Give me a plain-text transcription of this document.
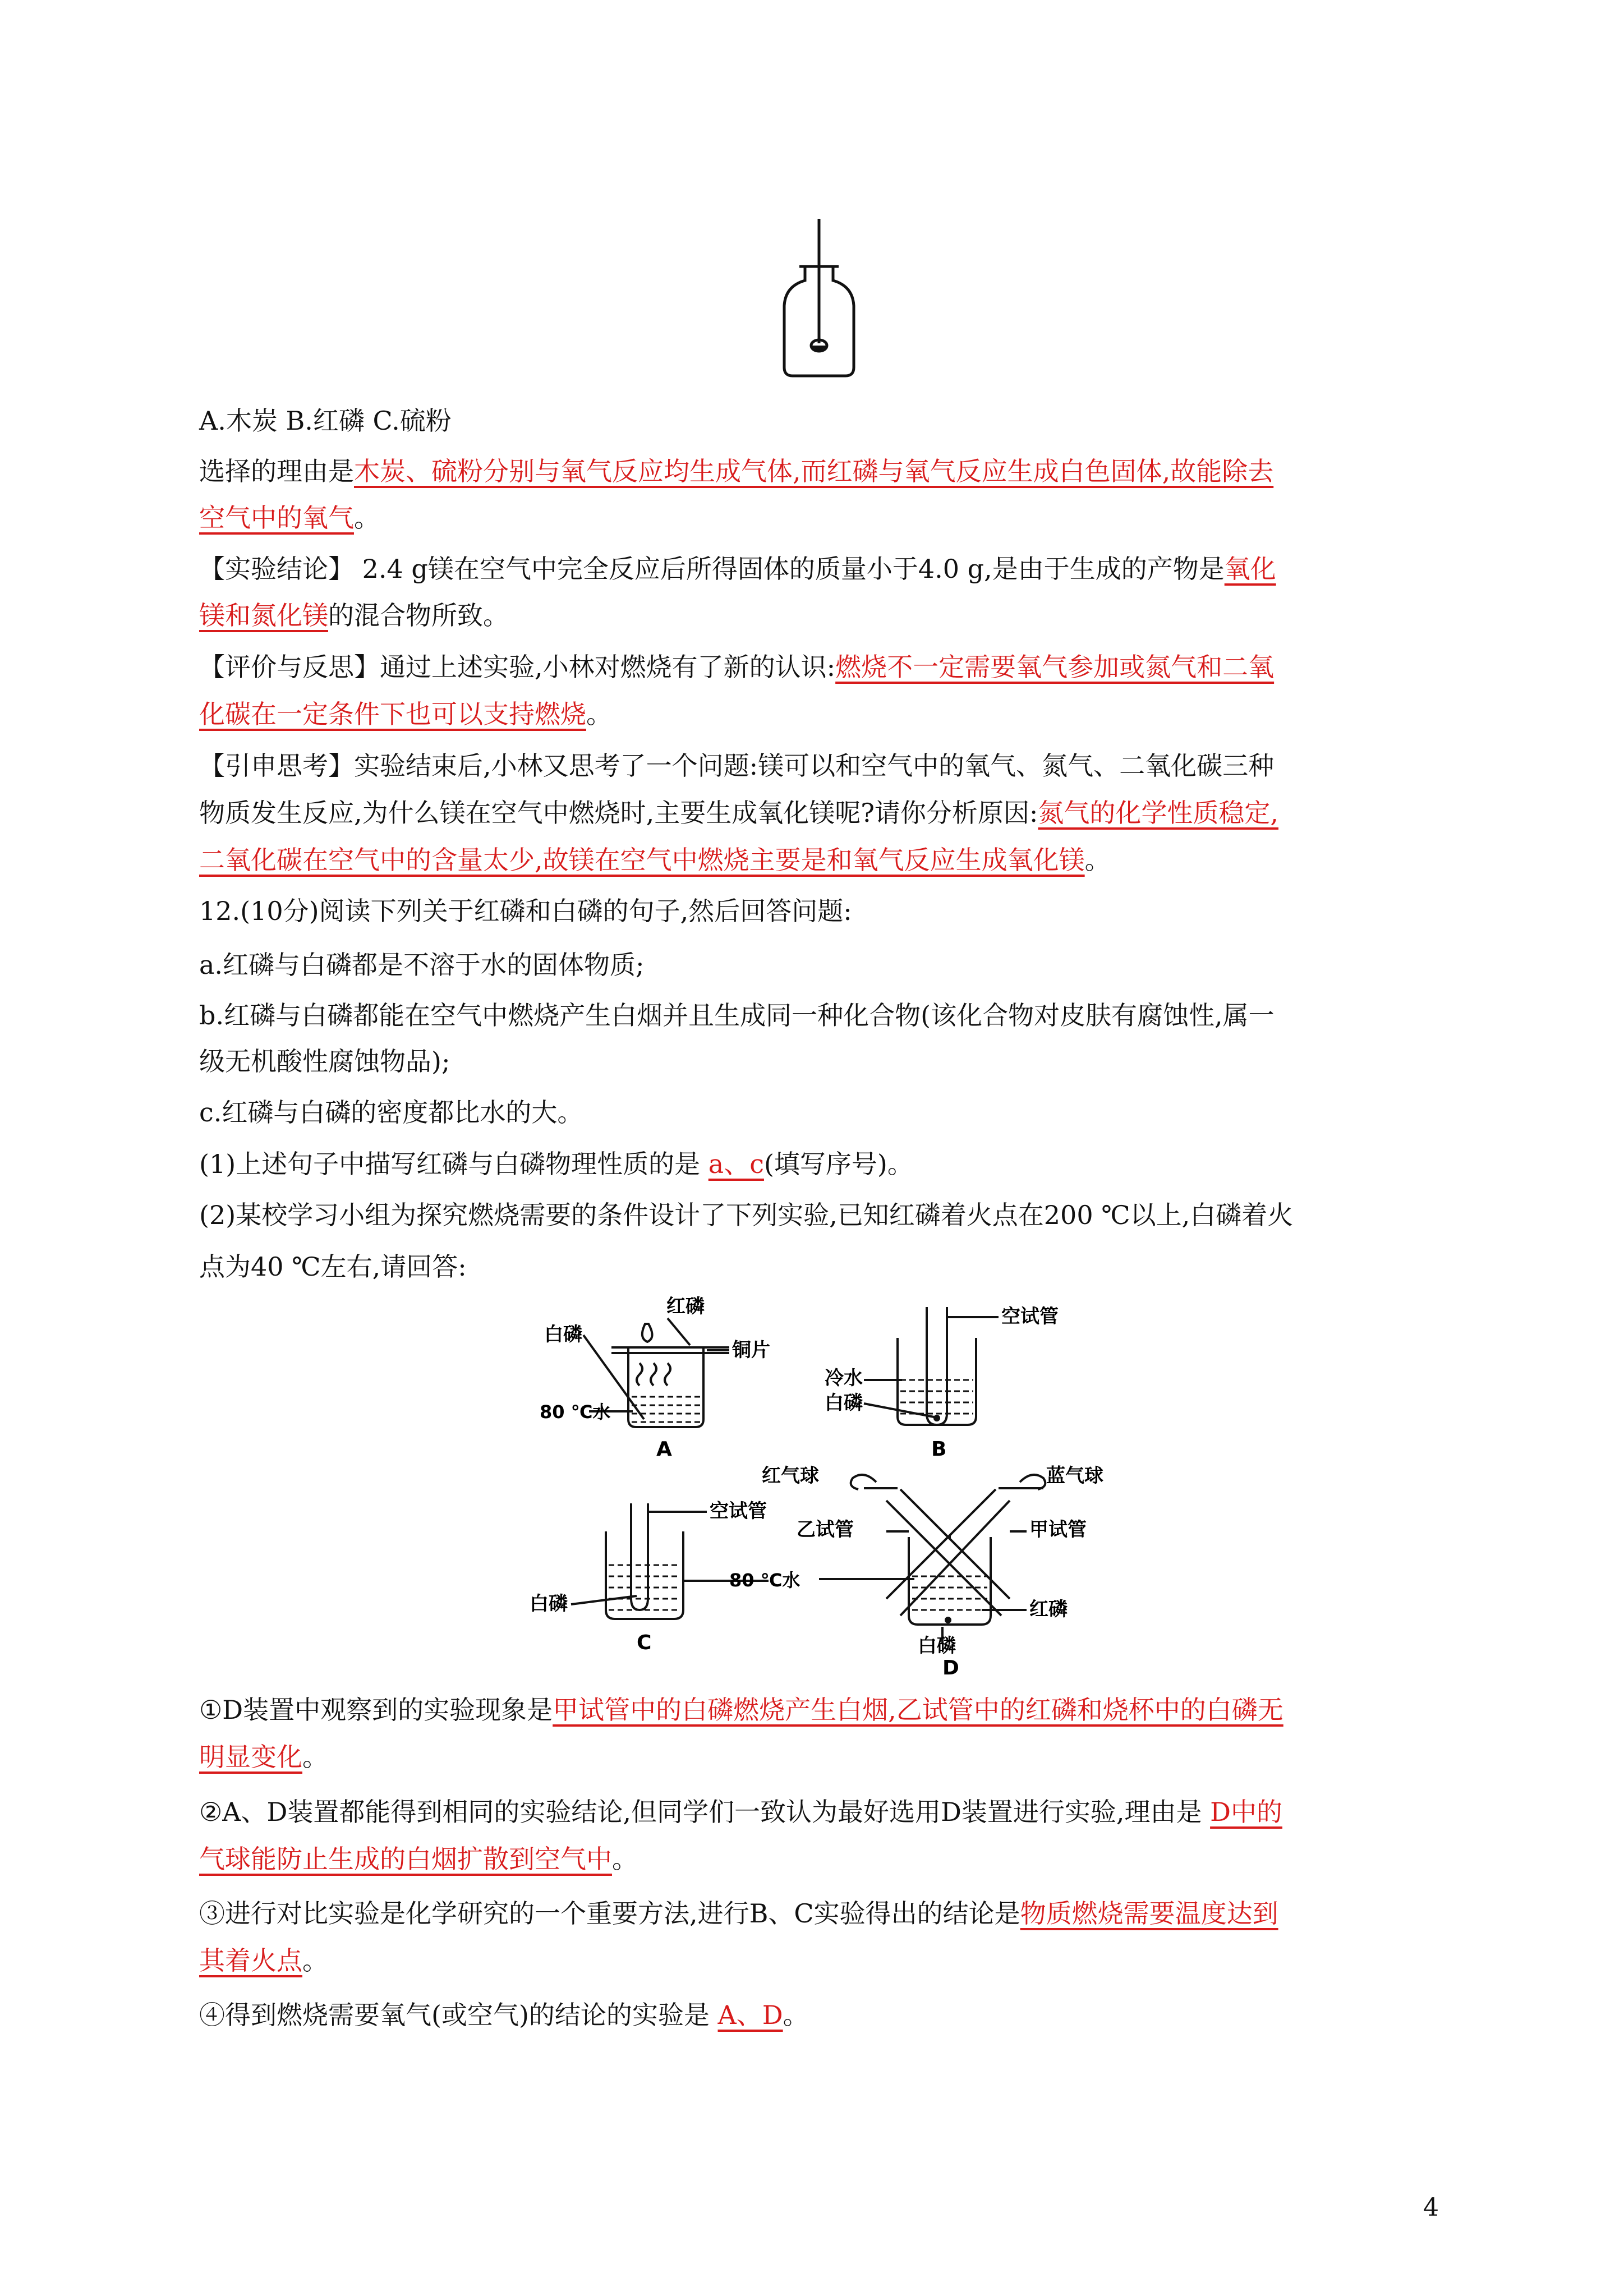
A.木炭 B.红磷 C.硫粉
选择的理由是木炭、硫粉分别与氧气反应均生成气体,而红磷与氧气反应生成白色固体,故能除去
空气中的氧气。
【实验结论】 2.4 g镁在空气中完全反应后所得固体的质量小于4.0 g,是由于生成的产物是氧化
镁和氮化镁的混合物所致。
【评价与反思】通过上述实验,小林对燃烧有了新的认识:燃烧不一定需要氧气参加或氮气和二氧
化碳在一定条件下也可以支持燃烧。
【引申思考】实验结束后,小林又思考了一个问题:镁可以和空气中的氧气、氮气、二氧化碳三种
物质发生反应,为什么镁在空气中燃烧时,主要生成氧化镁呢?请你分析原因:氮气的化学性质稳定,
二氧化碳在空气中的含量太少,故镁在空气中燃烧主要是和氧气反应生成氧化镁。
12.(10分)阅读下列关于红磷和白磷的句子,然后回答问题:
a.红磷与白磷都是不溶于水的固体物质;
b.红磷与白磷都能在空气中燃烧产生白烟并且生成同一种化合物(该化合物对皮肤有腐蚀性,属一
级无机酸性腐蚀物品);
c.红磷与白磷的密度都比水的大。
(1)上述句子中描写红磷与白磷物理性质的是 a、c(填写序号)。
(2)某校学习小组为探究燃烧需要的条件设计了下列实验,已知红磷着火点在200 ℃以上,白磷着火
点为40 ℃左右,请回答:
白磷
红磷
铜片
80 ℃水
A
空试管
冷水
白磷
B
空试管
白磷
C
红气球	蓝气球
乙试管	甲试管
80 ℃水
红磷
白磷
D
①D装置中观察到的实验现象是甲试管中的白磷燃烧产生白烟,乙试管中的红磷和烧杯中的白磷无
明显变化。
②A、D装置都能得到相同的实验结论,但同学们一致认为最好选用D装置进行实验,理由是 D中的
气球能防止生成的白烟扩散到空气中。
③进行对比实验是化学研究的一个重要方法,进行B、C实验得出的结论是物质燃烧需要温度达到
其着火点。
④得到燃烧需要氧气(或空气)的结论的实验是 A、D。
4
